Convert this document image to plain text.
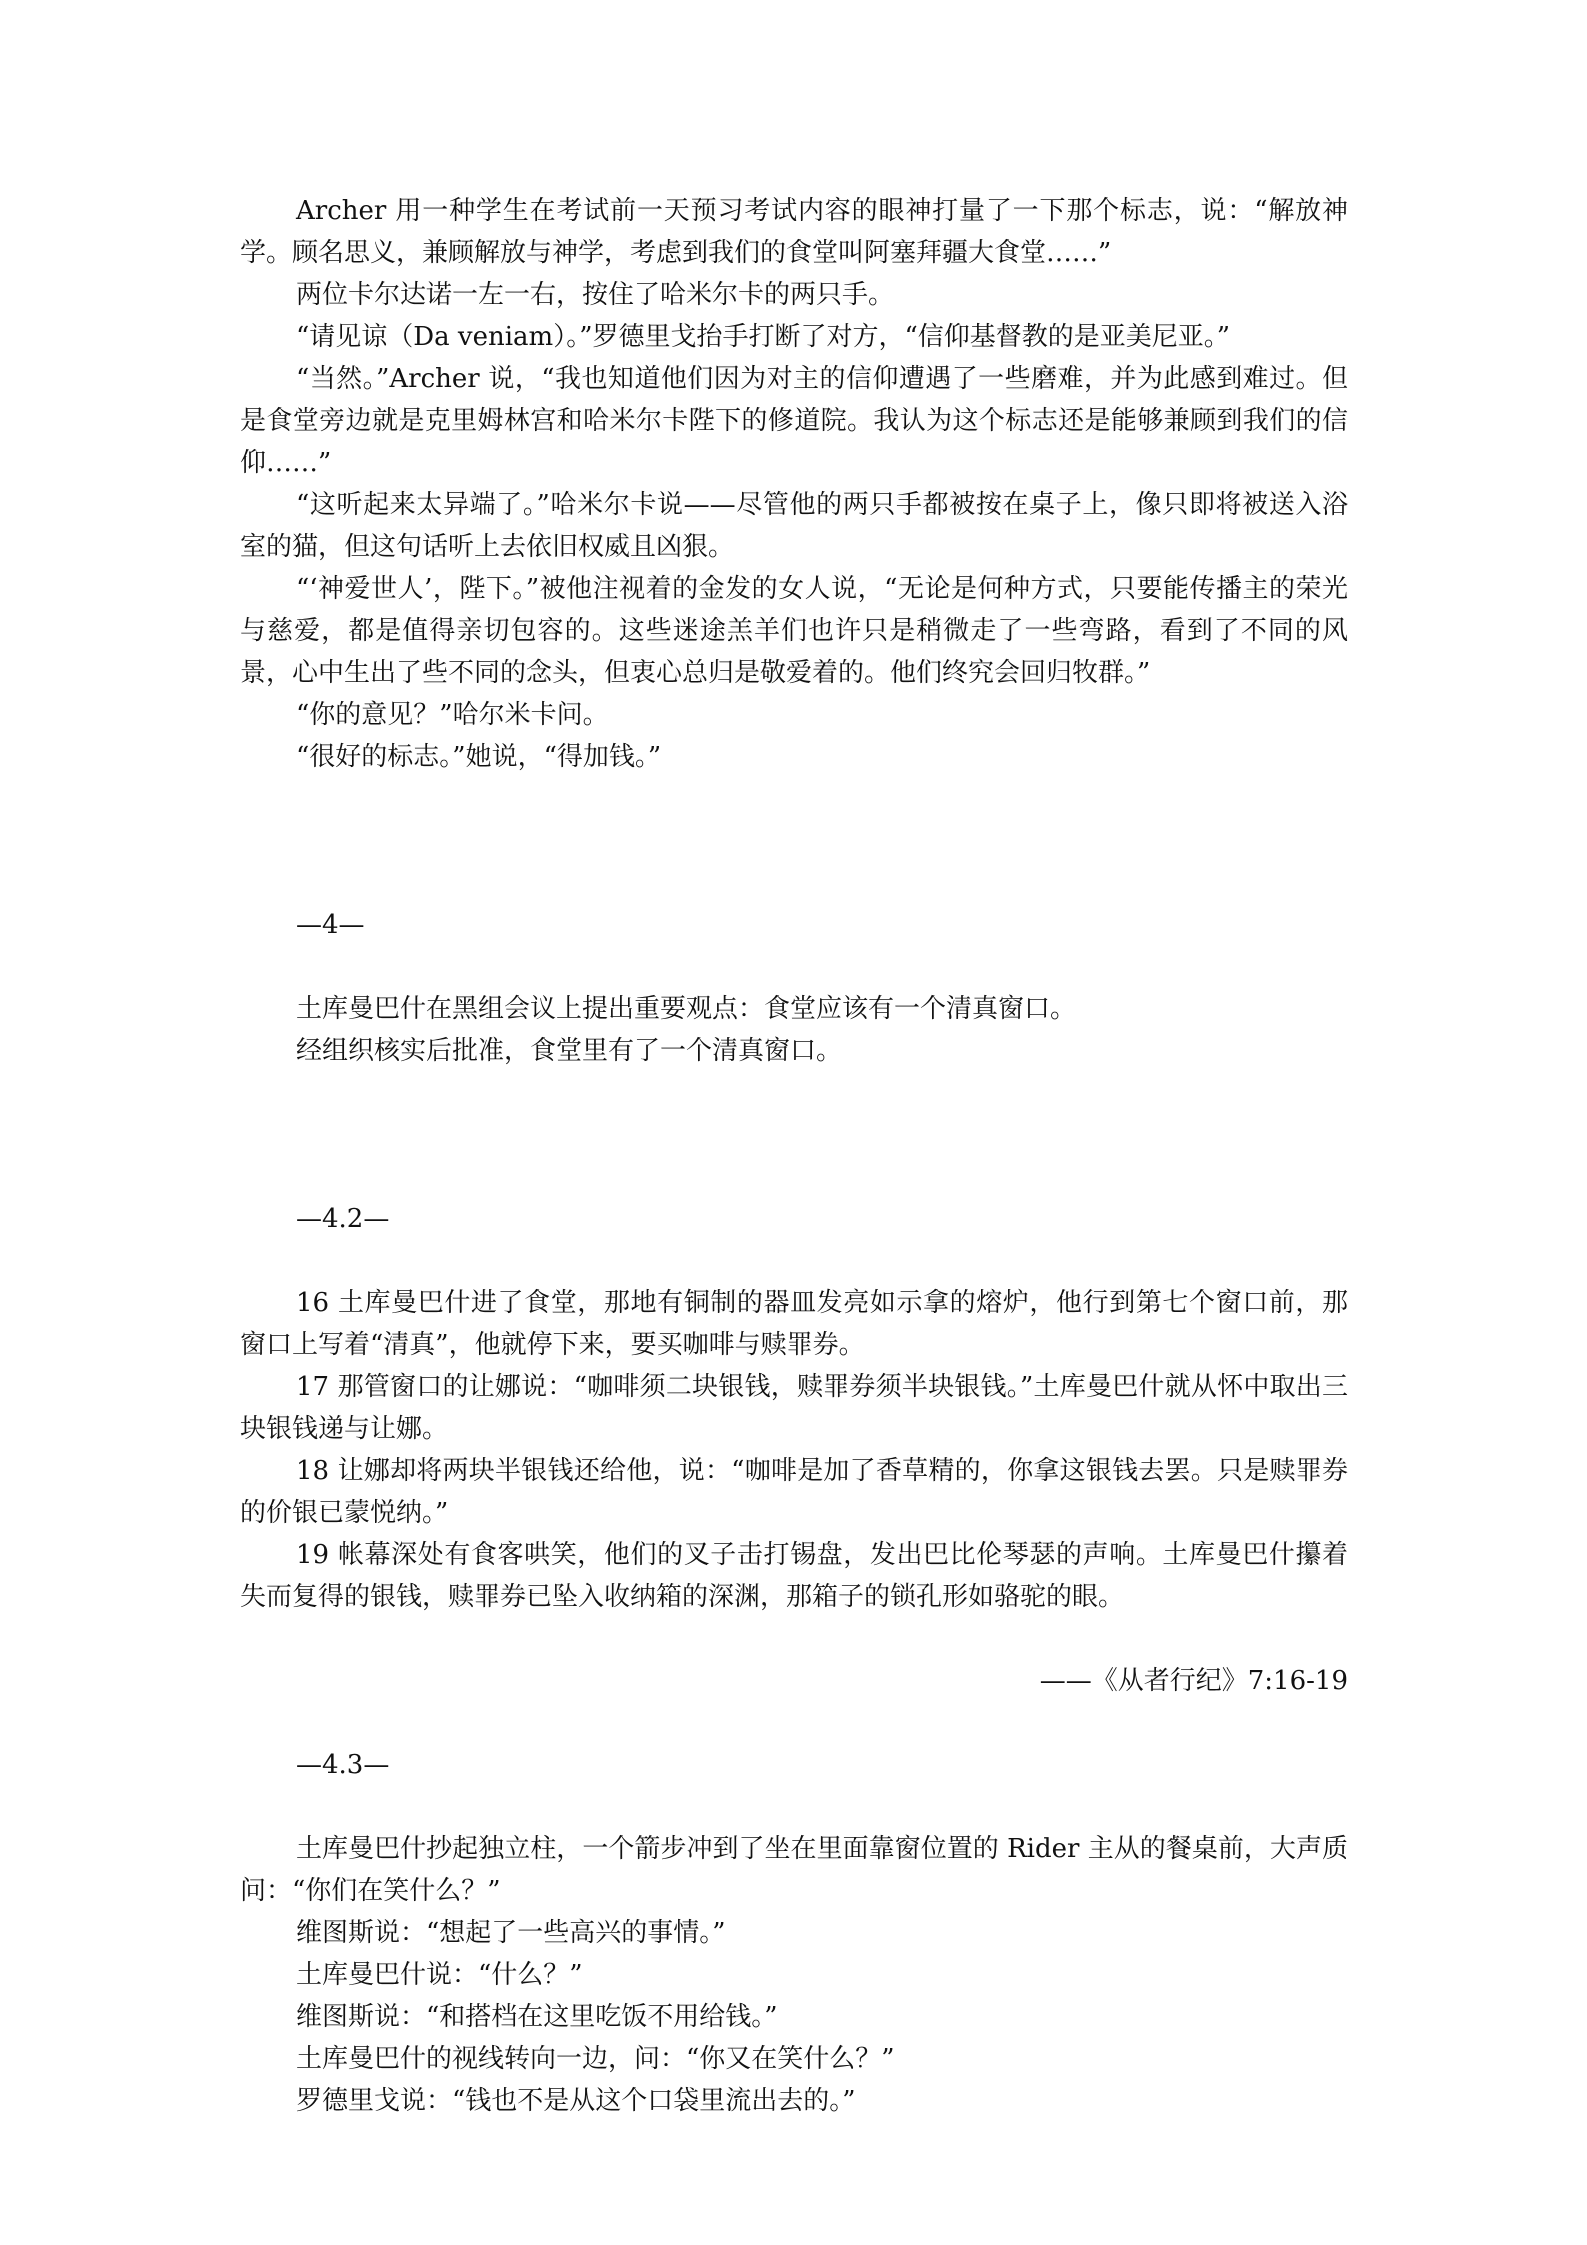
Archer 用一种学生在考试前一天预习考试内容的眼神打量了一下那个标志，说：“解放神学。顾名思义，兼顾解放与神学，考虑到我们的食堂叫阿塞拜疆大食堂……”

两位卡尔达诺一左一右，按住了哈米尔卡的两只手。

“请见谅（Da veniam）。”罗德里戈抬手打断了对方，“信仰基督教的是亚美尼亚。”

“当然。”Archer 说，“我也知道他们因为对主的信仰遭遇了一些磨难，并为此感到难过。但是食堂旁边就是克里姆林宫和哈米尔卡陛下的修道院。我认为这个标志还是能够兼顾到我们的信仰……”

“这听起来太异端了。”哈米尔卡说——尽管他的两只手都被按在桌子上，像只即将被送入浴室的猫，但这句话听上去依旧权威且凶狠。

“‘神爱世人’，陛下。”被他注视着的金发的女人说，“无论是何种方式，只要能传播主的荣光与慈爱，都是值得亲切包容的。这些迷途羔羊们也许只是稍微走了一些弯路，看到了不同的风景，心中生出了些不同的念头，但衷心总归是敬爱着的。他们终究会回归牧群。”

“你的意见？”哈尔米卡问。

“很好的标志。”她说，“得加钱。”

—4—

土库曼巴什在黑组会议上提出重要观点：食堂应该有一个清真窗口。

经组织核实后批准，食堂里有了一个清真窗口。

—4.2—

16 土库曼巴什进了食堂，那地有铜制的器皿发亮如示拿的熔炉，他行到第七个窗口前，那窗口上写着“清真”，他就停下来，要买咖啡与赎罪券。

17 那管窗口的让娜说：“咖啡须二块银钱，赎罪券须半块银钱。”土库曼巴什就从怀中取出三块银钱递与让娜。

18 让娜却将两块半银钱还给他，说：“咖啡是加了香草精的，你拿这银钱去罢。只是赎罪券的价银已蒙悦纳。”

19 帐幕深处有食客哄笑，他们的叉子击打锡盘，发出巴比伦琴瑟的声响。土库曼巴什攥着失而复得的银钱，赎罪券已坠入收纳箱的深渊，那箱子的锁孔形如骆驼的眼。

——《从者行纪》7:16-19

—4.3—

土库曼巴什抄起独立柱，一个箭步冲到了坐在里面靠窗位置的 Rider 主从的餐桌前，大声质问：“你们在笑什么？”

维图斯说：“想起了一些高兴的事情。”

土库曼巴什说：“什么？”

维图斯说：“和搭档在这里吃饭不用给钱。”

土库曼巴什的视线转向一边，问：“你又在笑什么？”

罗德里戈说：“钱也不是从这个口袋里流出去的。”
